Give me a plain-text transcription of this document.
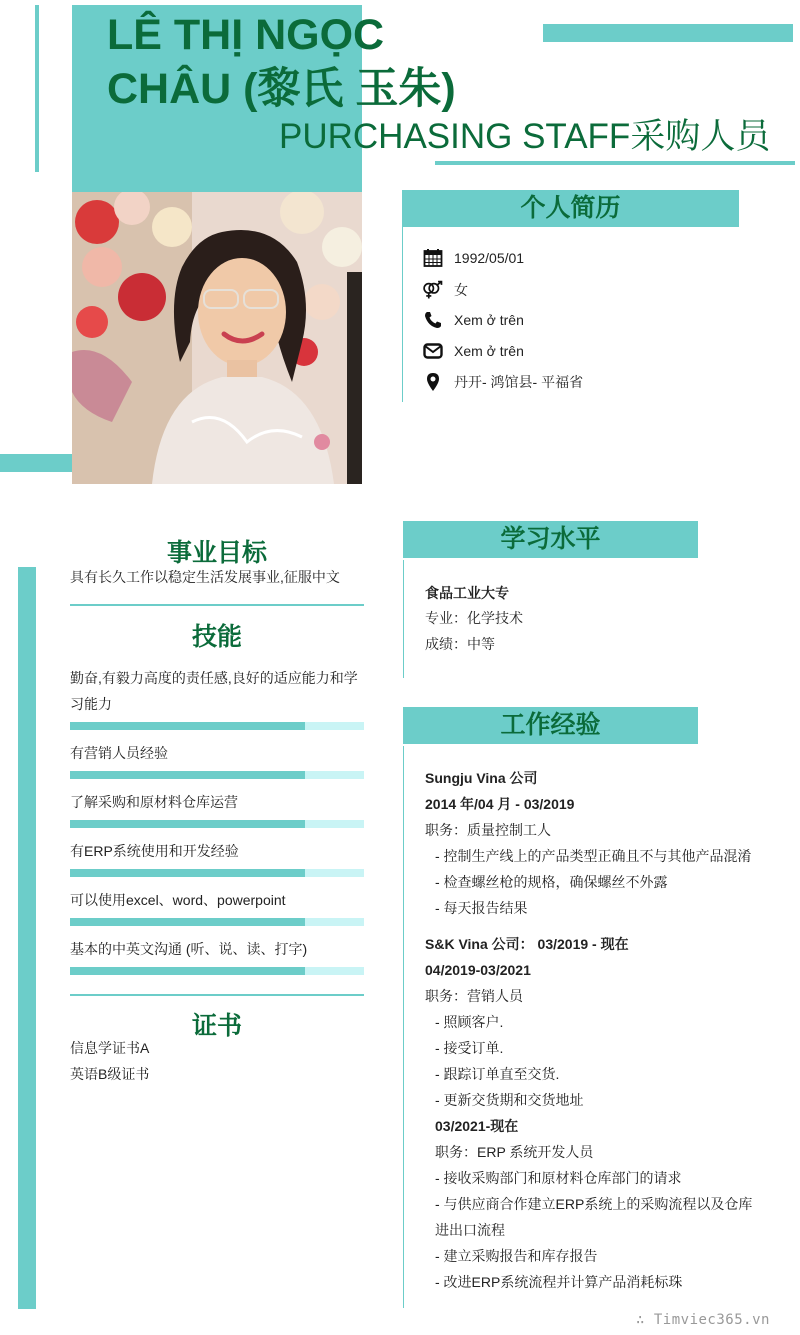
LÊ THỊ NGỌC
CHÂU (黎氏 玉朱)
PURCHASING STAFF采购人员
个人简历
1992/05/01
女
Xem ở trên
Xem ở trên
丹开- 鸿馆县- 平福省
事业目标
具有长久工作以稳定生活发展事业,征服中文
技能
勤奋,有毅力高度的责任感,良好的适应能力和学
习能力
有营销人员经验
了解采购和原材料仓库运营
有ERP系统使用和开发经验
可以使用excel、word、powerpoint
基本的中英文沟通 (听、说、读、打字)
证书
信息学证书A
英语B级证书
学习水平
食品工业大专
专业：化学技术
成绩：中等
工作经验
Sungju Vina 公司
2014 年/04 月 - 03/2019
职务：质量控制工人
- 控制生产线上的产品类型正确且不与其他产品混淆
- 检查螺丝枪的规格，确保螺丝不外露
- 每天报告结果
S&K Vina 公司： 03/2019 - 现在
04/2019-03/2021
职务：营销人员
- 照顾客户.
- 接受订单.
- 跟踪订单直至交货.
- 更新交货期和交货地址
03/2021-现在
职务：ERP 系统开发人员
- 接收采购部门和原材料仓库部门的请求
- 与供应商合作建立ERP系统上的采购流程以及仓库
进出口流程
- 建立采购报告和库存报告
- 改进ERP系统流程并计算产品消耗标珠
∴ Timviec365.vn
